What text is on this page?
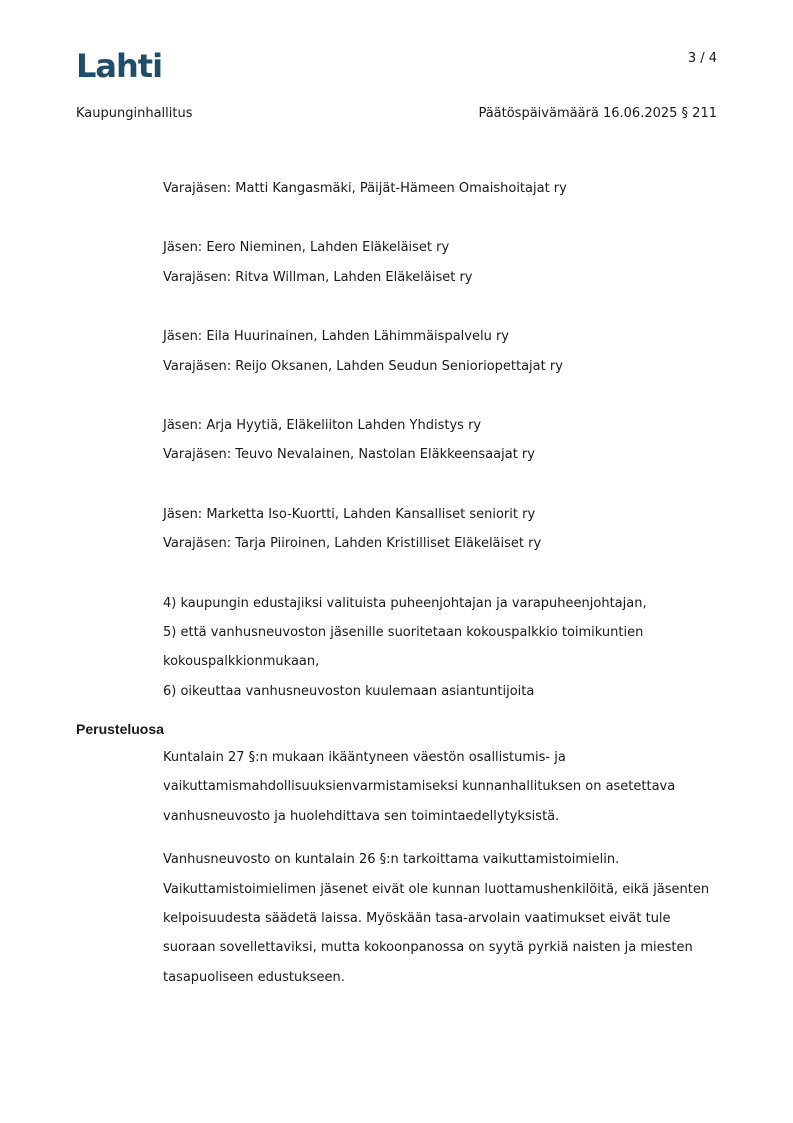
Lahti	3 / 4
Kaupunginhallitus	Päätöspäivämäärä 16.06.2025 § 211

Varajäsen: Matti Kangasmäki, Päijät-Hämeen Omaishoitajat ry

Jäsen: Eero Nieminen, Lahden Eläkeläiset ry

Varajäsen: Ritva Willman, Lahden Eläkeläiset ry

Jäsen: Eila Huurinainen, Lahden Lähimmäispalvelu ry

Varajäsen: Reijo Oksanen, Lahden Seudun Senioriopettajat ry

Jäsen: Arja Hyytiä, Eläkeliiton Lahden Yhdistys ry

Varajäsen: Teuvo Nevalainen, Nastolan Eläkkeensaajat ry

Jäsen: Marketta Iso-Kuortti, Lahden Kansalliset seniorit ry

Varajäsen: Tarja Piiroinen, Lahden Kristilliset Eläkeläiset ry

4) kaupungin edustajiksi valituista puheenjohtajan ja varapuheenjohtajan,

5) että vanhusneuvoston jäsenille suoritetaan kokouspalkkio toimikuntien

kokouspalkkionmukaan,

6) oikeuttaa vanhusneuvoston kuulemaan asiantuntijoita

Perusteluosa

Kuntalain 27 §:n mukaan ikääntyneen väestön osallistumis- ja

vaikuttamismahdollisuuksienvarmistamiseksi kunnanhallituksen on asetettava

vanhusneuvosto ja huolehdittava sen toimintaedellytyksistä.

Vanhusneuvosto on kuntalain 26 §:n tarkoittama vaikuttamistoimielin.

Vaikuttamistoimielimen jäsenet eivät ole kunnan luottamushenkilöitä, eikä jäsenten

kelpoisuudesta säädetä laissa. Myöskään tasa-arvolain vaatimukset eivät tule

suoraan sovellettaviksi, mutta kokoonpanossa on syytä pyrkiä naisten ja miesten

tasapuoliseen edustukseen.
